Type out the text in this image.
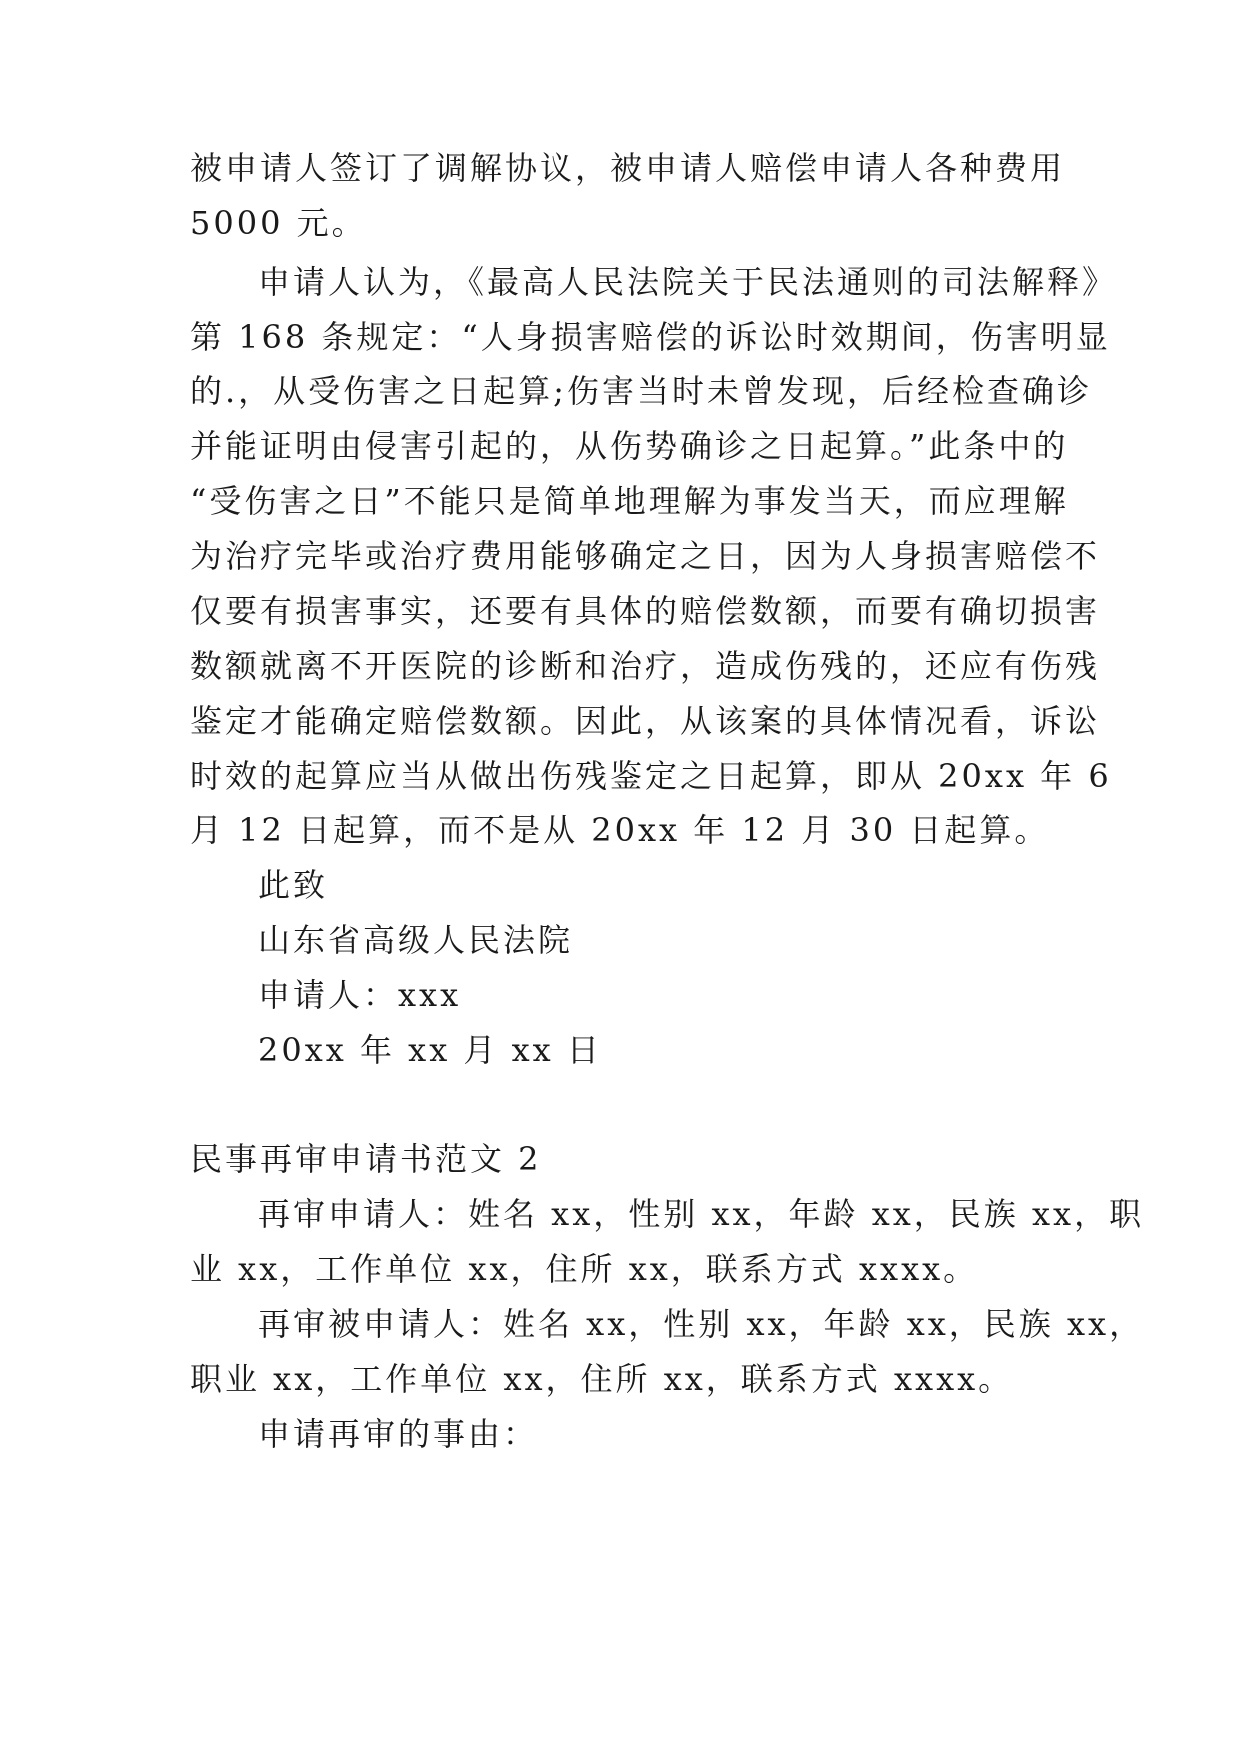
被申请人签订了调解协议，被申请人赔偿申请人各种费用
5000 元。
申请人认为，《最高人民法院关于民法通则的司法解释》
第 168 条规定：“人身损害赔偿的诉讼时效期间，伤害明显
的.，从受伤害之日起算;伤害当时未曾发现，后经检查确诊
并能证明由侵害引起的，从伤势确诊之日起算。”此条中的
“受伤害之日”不能只是简单地理解为事发当天，而应理解
为治疗完毕或治疗费用能够确定之日，因为人身损害赔偿不
仅要有损害事实，还要有具体的赔偿数额，而要有确切损害
数额就离不开医院的诊断和治疗，造成伤残的，还应有伤残
鉴定才能确定赔偿数额。因此，从该案的具体情况看，诉讼
时效的起算应当从做出伤残鉴定之日起算，即从 20xx 年 6
月 12 日起算，而不是从 20xx 年 12 月 30 日起算。
此致
山东省高级人民法院
申请人：xxx
20xx 年 xx 月 xx 日
民事再审申请书范文 2
再审申请人：姓名 xx，性别 xx，年龄 xx，民族 xx，职
业 xx，工作单位 xx，住所 xx，联系方式 xxxx。
再审被申请人：姓名 xx，性别 xx，年龄 xx，民族 xx，
职业 xx，工作单位 xx，住所 xx，联系方式 xxxx。
申请再审的事由：
